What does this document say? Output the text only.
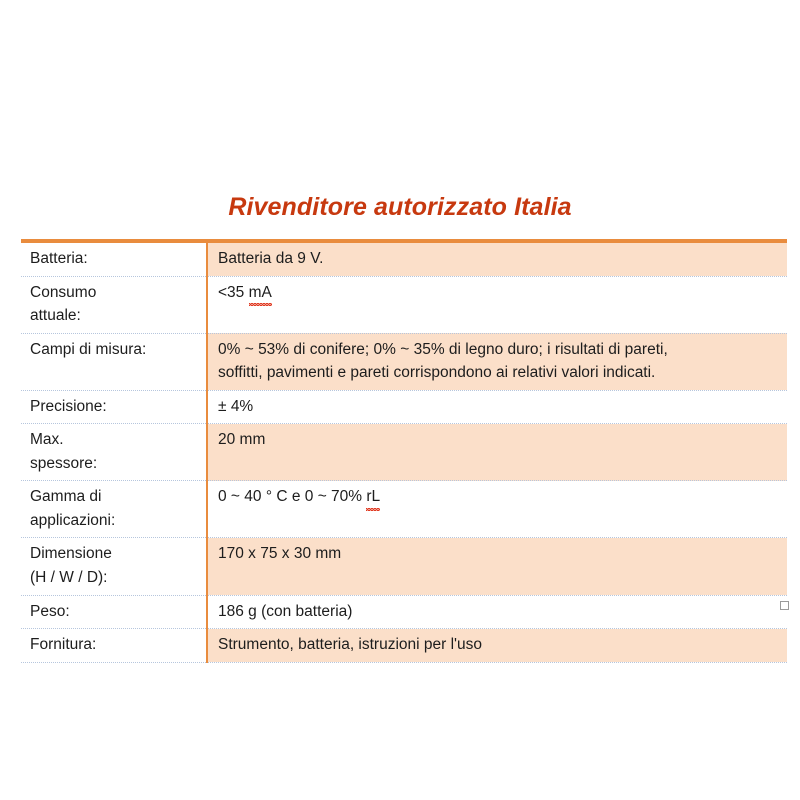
Rivenditore autorizzato Italia
Batteria:	Batteria da 9 V.

Consumo
attuale:	<35 mA

Campi di misura:	0% ~ 53% di conifere; 0% ~ 35% di legno duro; i risultati di pareti,
soffitti, pavimenti e pareti corrispondono ai relativi valori indicati.

Precisione:	± 4%

Max.
spessore:	20 mm

Gamma di
applicazioni:	0 ~ 40 ° C e 0 ~ 70% rL

Dimensione
(H / W / D):	170 x 75 x 30 mm

Peso:	186 g (con batteria)

Fornitura:	Strumento, batteria, istruzioni per l'uso
